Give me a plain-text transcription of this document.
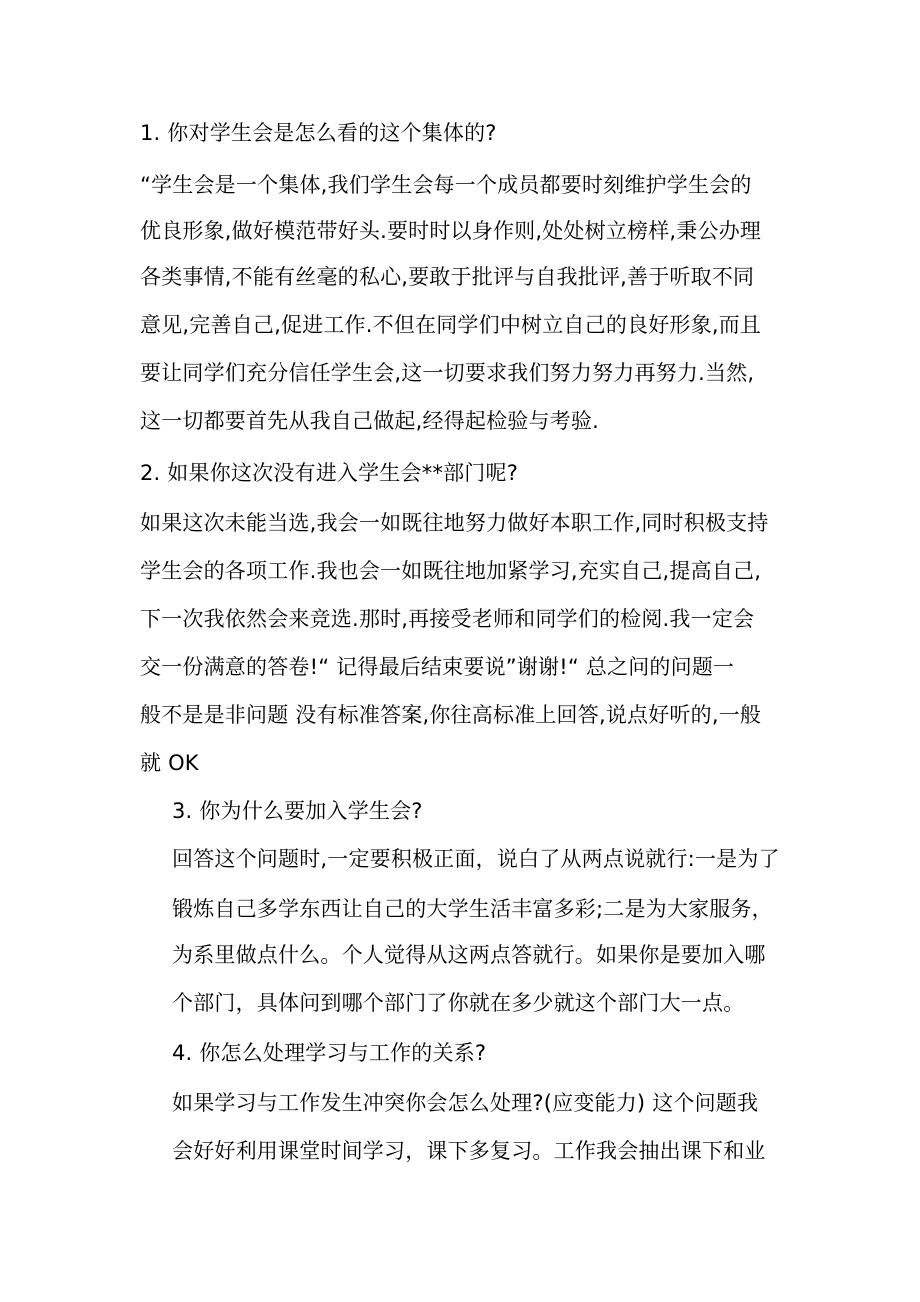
1. 你对学生会是怎么看的这个集体的?

“学生会是一个集体,我们学生会每一个成员都要时刻维护学生会的

优良形象,做好模范带好头.要时时以身作则,处处树立榜样,秉公办理

各类事情,不能有丝毫的私心,要敢于批评与自我批评,善于听取不同

意见,完善自己,促进工作.不但在同学们中树立自己的良好形象,而且

要让同学们充分信任学生会,这一切要求我们努力努力再努力.当然,

这一切都要首先从我自己做起,经得起检验与考验.

2. 如果你这次没有进入学生会**部门呢?

如果这次未能当选,我会一如既往地努力做好本职工作,同时积极支持

学生会的各项工作.我也会一如既往地加紧学习,充实自己,提高自己,

下一次我依然会来竞选.那时,再接受老师和同学们的检阅.我一定会

交一份满意的答卷!“ 记得最后结束要说”谢谢!“ 总之问的问题一

般不是是非问题 没有标准答案,你往高标准上回答,说点好听的,一般

就 OK

3. 你为什么要加入学生会?

回答这个问题时,一定要积极正面，说白了从两点说就行:一是为了

锻炼自己多学东西让自己的大学生活丰富多彩;二是为大家服务，

为系里做点什么。个人觉得从这两点答就行。如果你是要加入哪

个部门，具体问到哪个部门了你就在多少就这个部门大一点。

4. 你怎么处理学习与工作的关系?

如果学习与工作发生冲突你会怎么处理?(应变能力) 这个问题我

会好好利用课堂时间学习，课下多复习。工作我会抽出课下和业
